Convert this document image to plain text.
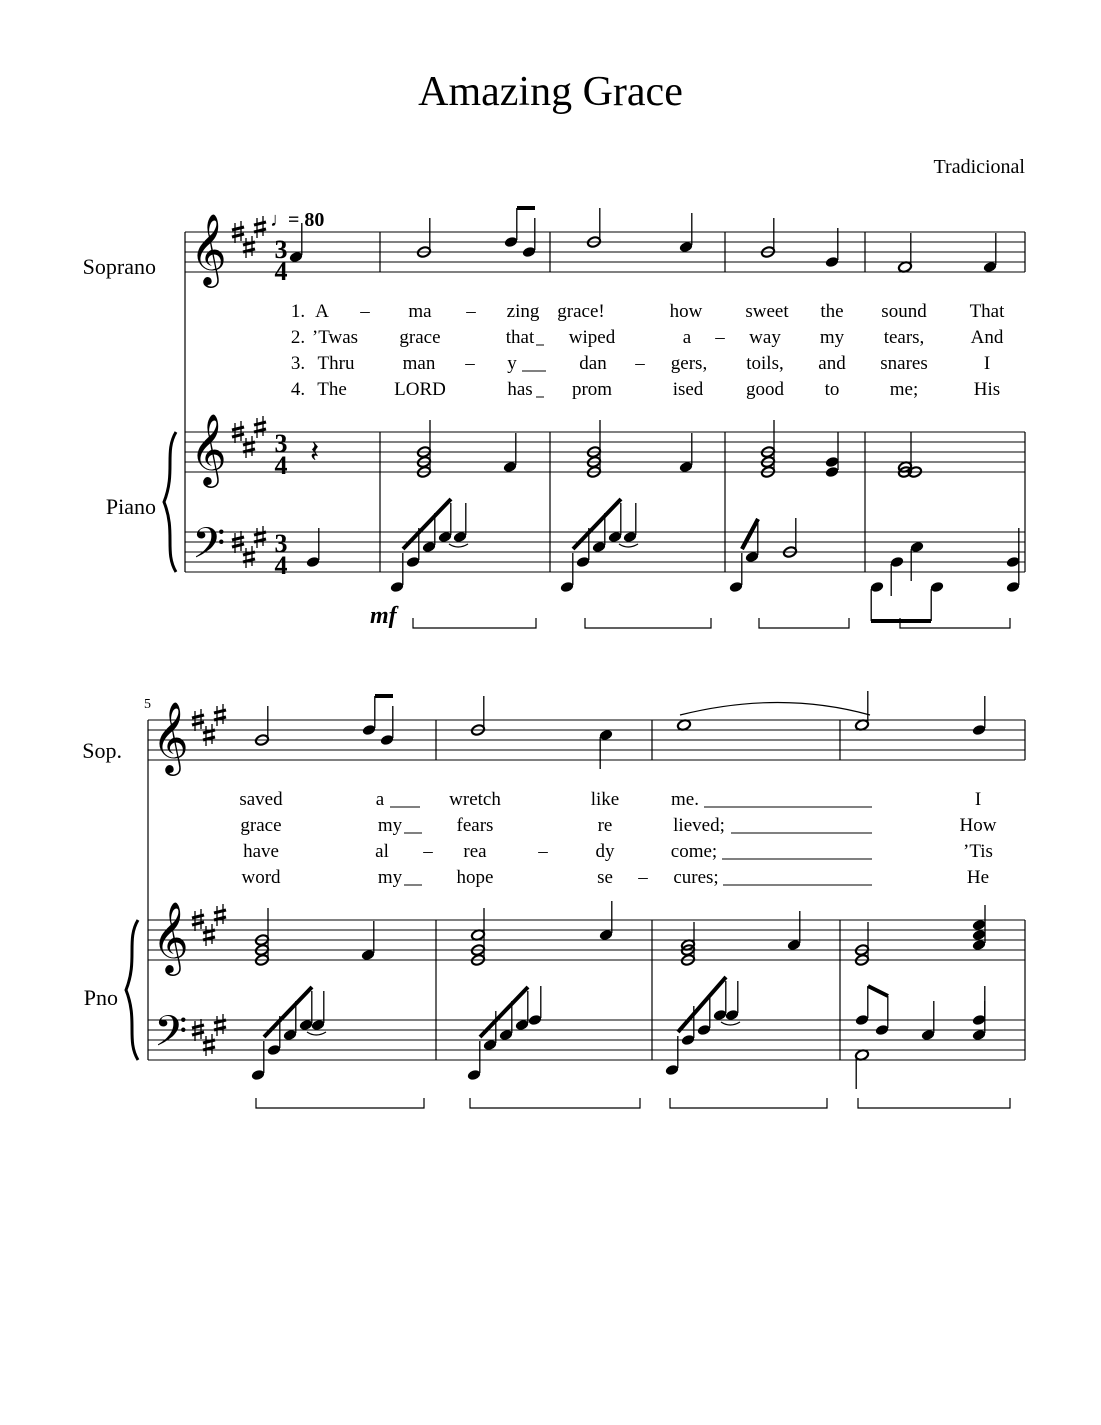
Amazing Grace
Tradicional
Soprano
Piano
Sop.
Pno
♩
= 80
𝄞
𝄞
𝄢
𝄽
𝄞
𝄞
𝄢
mf
5
1. A – ma – zing grace!	how sweet the sound That
2. ’Twas grace	that wiped	a – way my tears, And
3. Thru	man – y	dan – gers, toils, and snares	I
4. The LORD	has prom	ised good to	me;	His
saved	a	wretch	like	me.	I
grace	my	fears	re	lieved;	How
have	al – rea	–	dy	come;	’Tis
word	my	hope	se – cures;	He
3
4
3
4
3
4
